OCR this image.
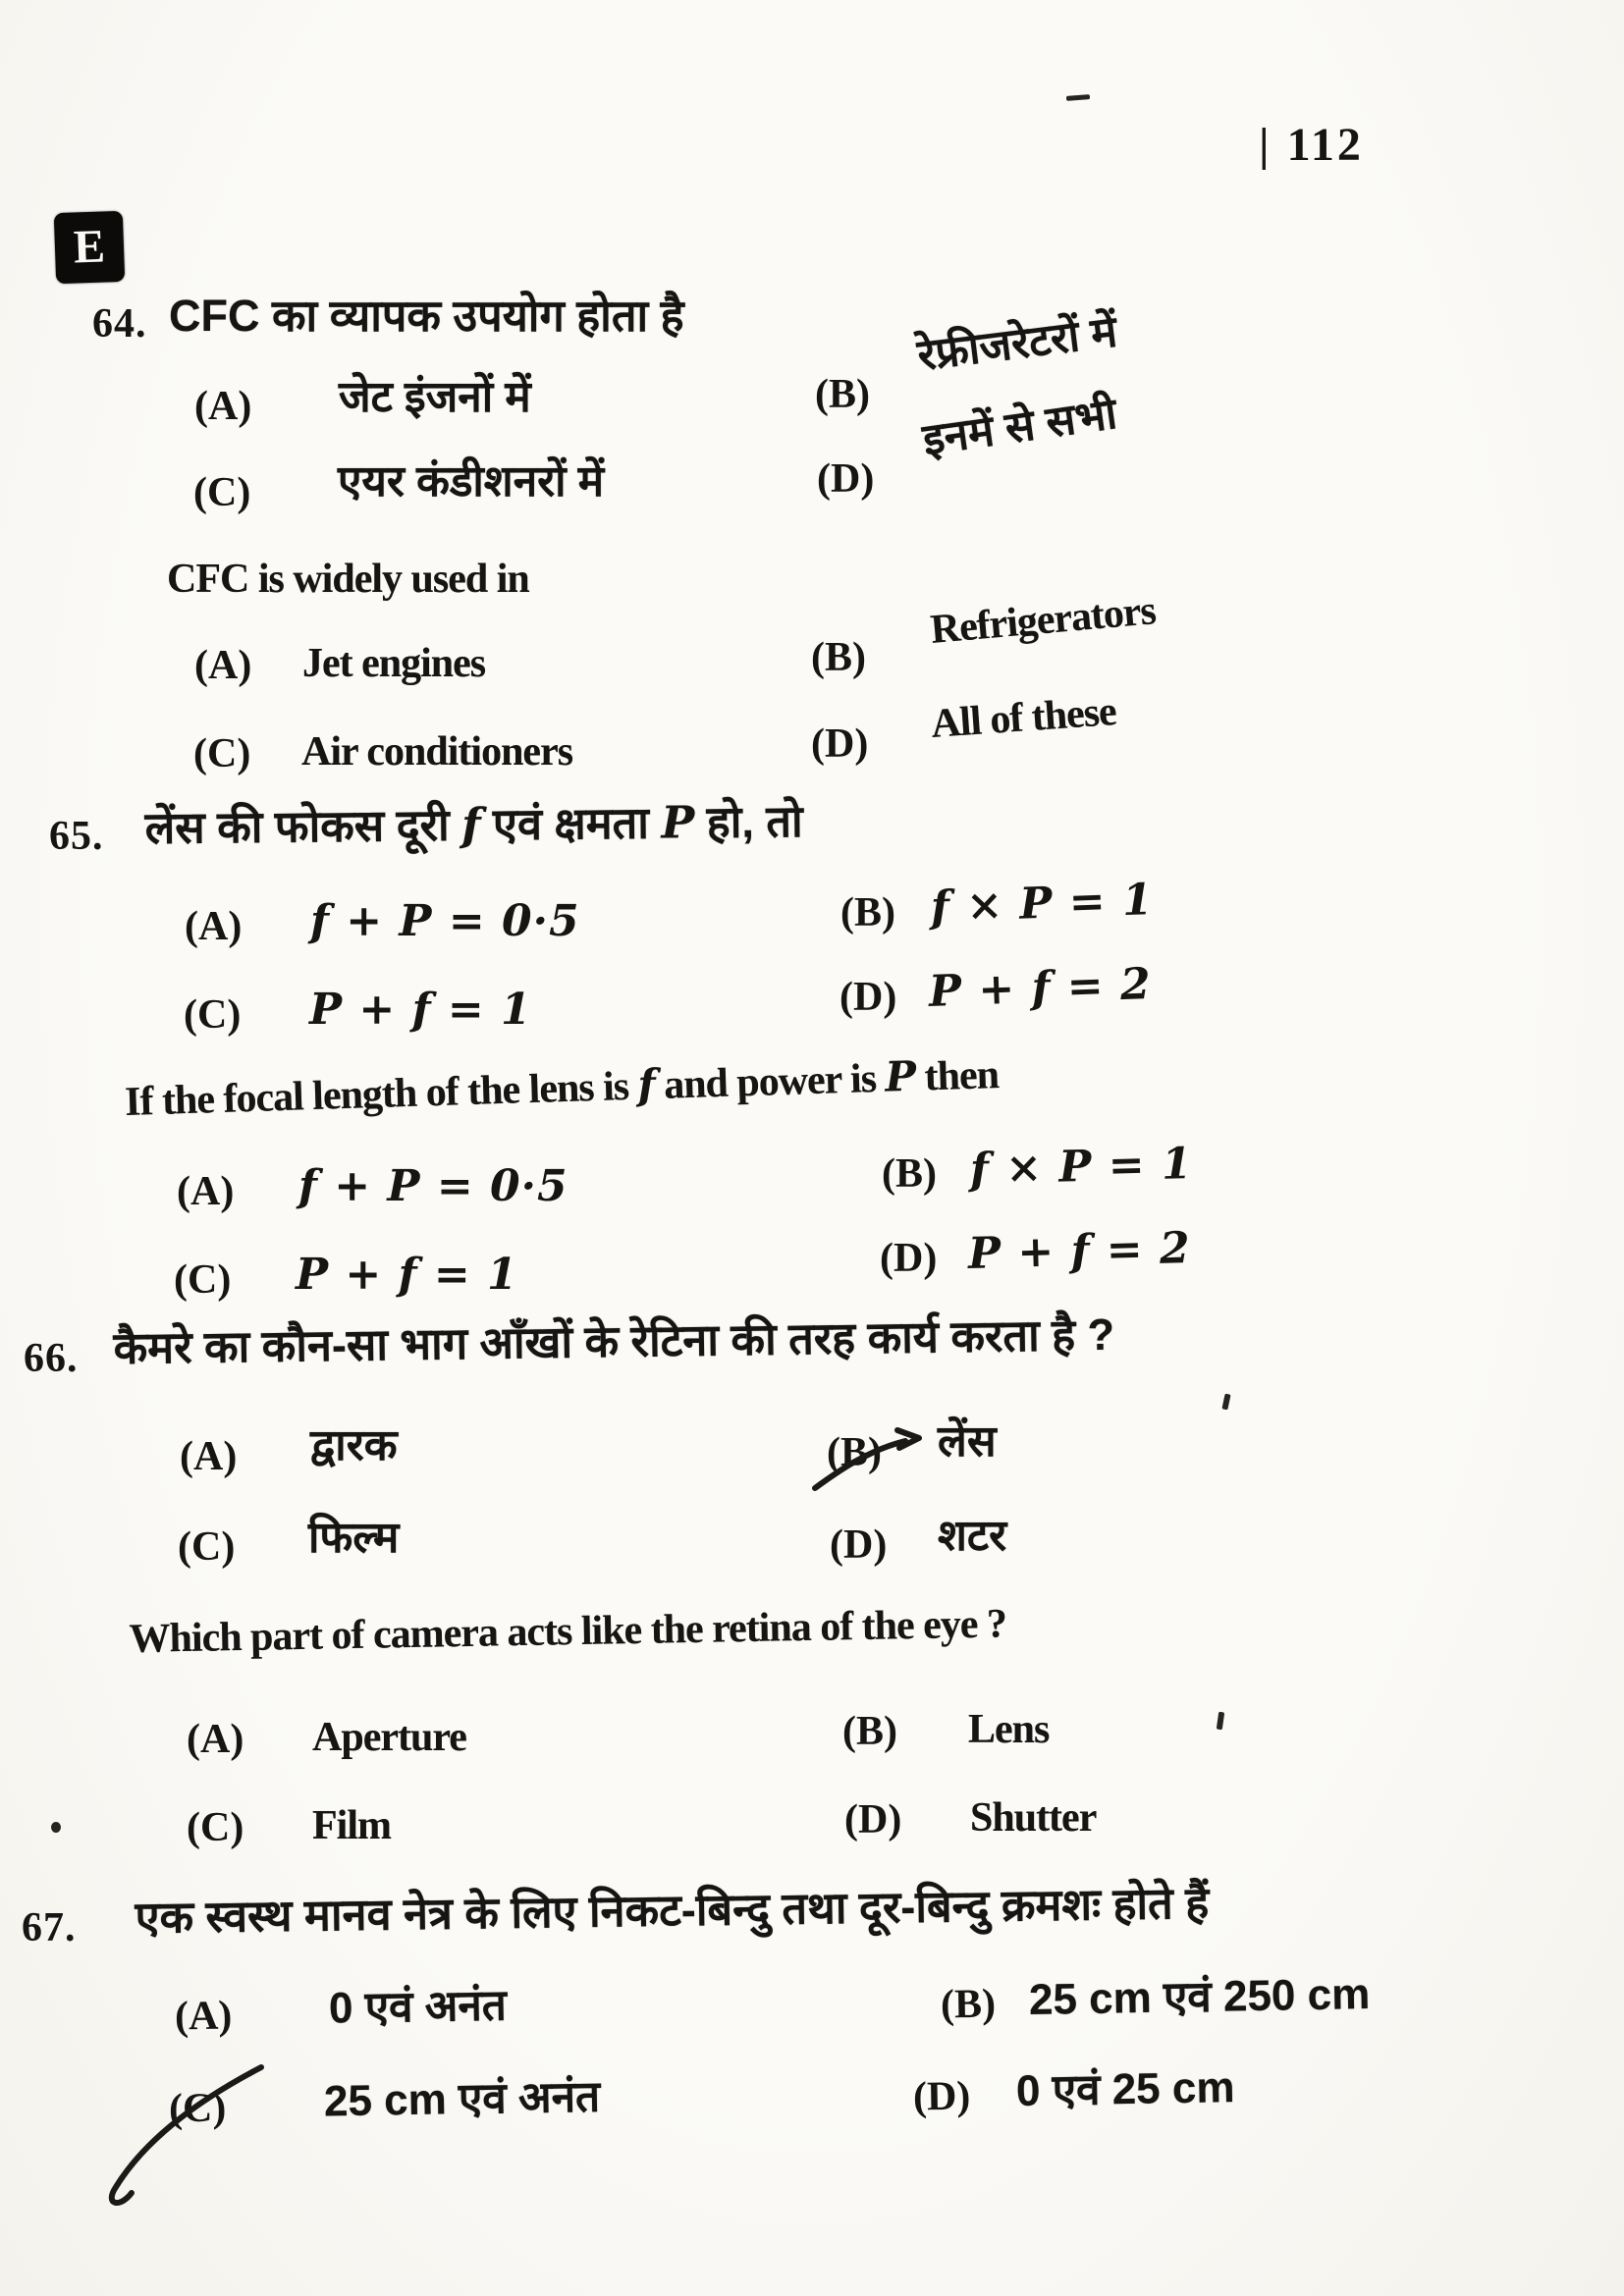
| 112
E
64. CFC का व्यापक उपयोग होता है
(A) जेट इंजनों में	(B)
रेफ्रीजरेटरों में
(C) एयर कंडीशनरों में	(D)
इनमें से सभी
CFC is widely used in
(A) Jet engines	(B)
Refrigerators
(C) Air conditioners	(D) All of these
65. लेंस की फोकस दूरी f एवं क्षमता P हो, तो
(A) f + P = 0·5	(B) f × P = 1
(C) P + f = 1	(D) P + f = 2
If the focal length of the lens is f and power is P then
(A) f + P = 0·5	(B) f × P = 1
(C) P + f = 1	(D) P + f = 2
66. कैमरे का कौन-सा भाग आँखों के रेटिना की तरह कार्य करता है ?
(A) द्वारक	(B) लेंस
(C) फिल्म	(D) शटर
Which part of camera acts like the retina of the eye ?
(A) Aperture	(B) Lens
(C) Film	(D) Shutter
67. एक स्वस्थ मानव नेत्र के लिए निकट-बिन्दु तथा दूर-बिन्दु क्रमशः होते हैं
(A) 0 एवं अनंत	(B) 25 cm एवं 250 cm
(C) 25 cm एवं अनंत	(D) 0 एवं 25 cm
